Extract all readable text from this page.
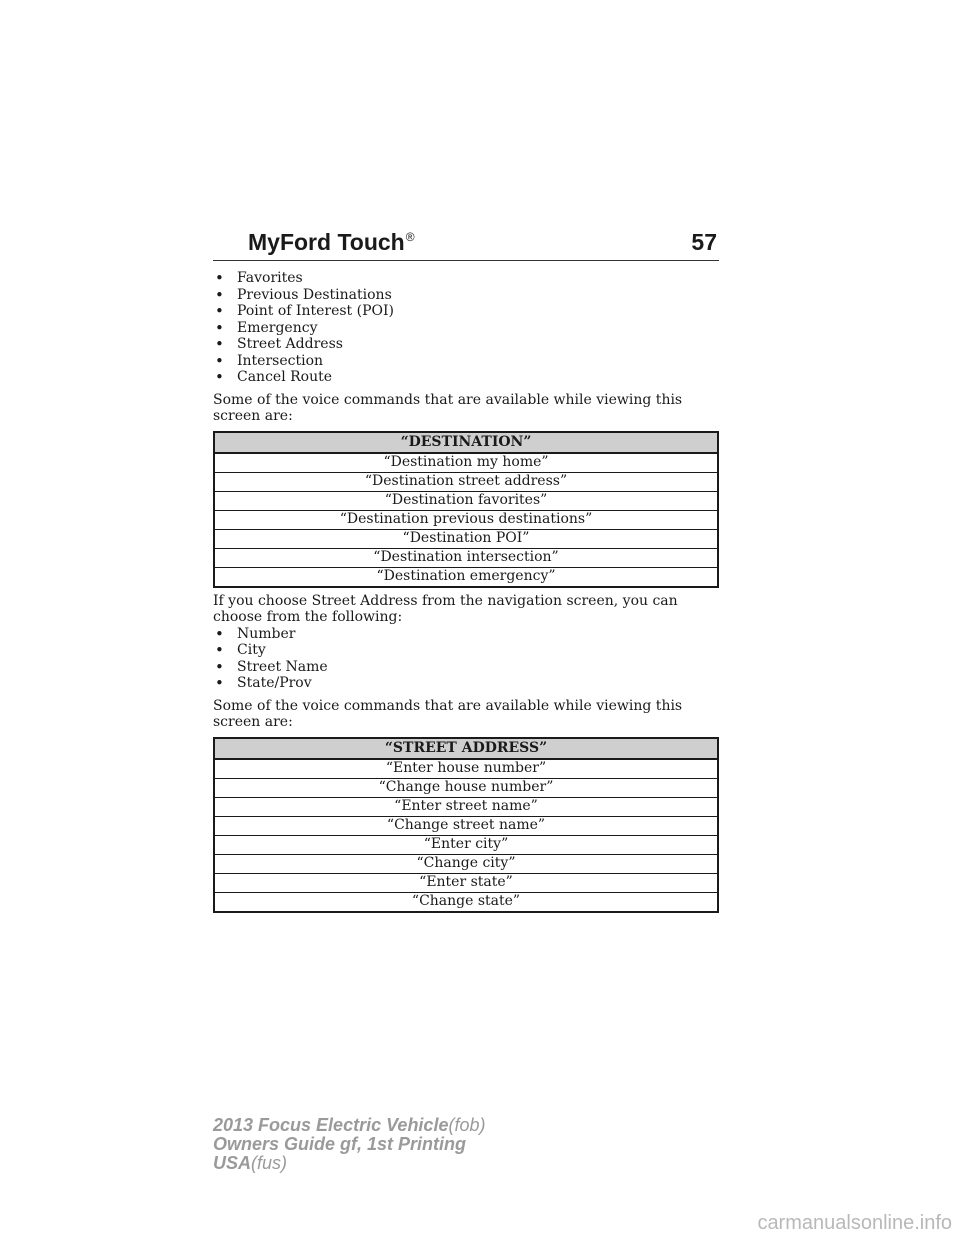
MyFord Touch®	57
• Favorites
• Previous Destinations
• Point of Interest (POI)
• Emergency
• Street Address
• Intersection
• Cancel Route

Some of the voice commands that are available while viewing this screen are:

“DESTINATION”
“Destination my home”
“Destination street address”
“Destination favorites”
“Destination previous destinations”
“Destination POI”
“Destination intersection”
“Destination emergency”

If you choose Street Address from the navigation screen, you can choose from the following:

• Number
• City
• Street Name
• State/Prov

Some of the voice commands that are available while viewing this screen are:

“STREET ADDRESS”
“Enter house number”
“Change house number”
“Enter street name”
“Change street name”
“Enter city”
“Change city”
“Enter state”
“Change state”
2013 Focus Electric Vehicle(fob)
Owners Guide gf, 1st Printing
USA(fus)
carmanualsonline.info
